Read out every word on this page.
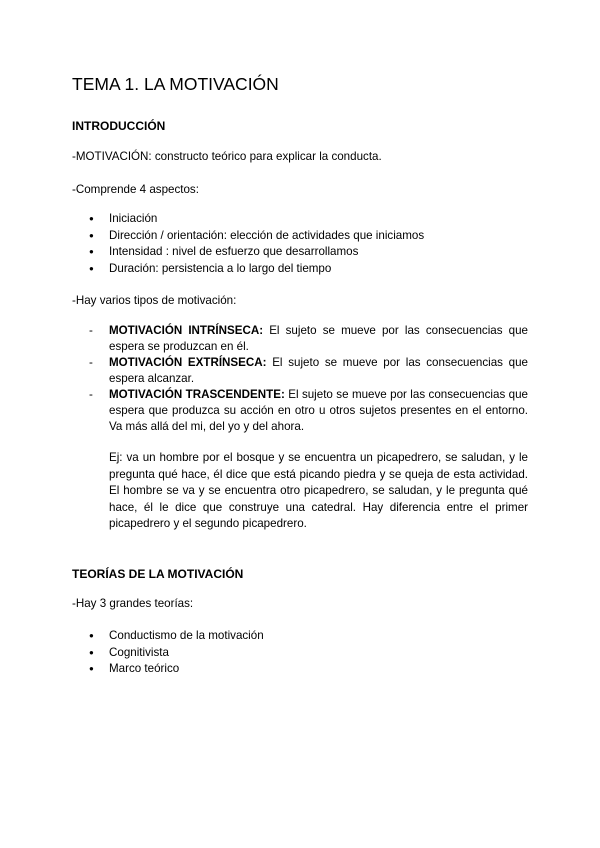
TEMA 1. LA MOTIVACIÓN
INTRODUCCIÓN

-MOTIVACIÓN: constructo teórico para explicar la conducta.

-Comprende 4 aspectos:

● Iniciación
● Dirección / orientación: elección de actividades que iniciamos
● Intensidad : nivel de esfuerzo que desarrollamos
● Duración: persistencia a lo largo del tiempo

-Hay varios tipos de motivación:

- MOTIVACIÓN INTRÍNSECA: El sujeto se mueve por las consecuencias que espera se produzcan en él.
- MOTIVACIÓN EXTRÍNSECA: El sujeto se mueve por las consecuencias que espera alcanzar.
- MOTIVACIÓN TRASCENDENTE: El sujeto se mueve por las consecuencias que espera que produzca su acción en otro u otros sujetos presentes en el entorno. Va más allá del mi, del yo y del ahora.

Ej: va un hombre por el bosque y se encuentra un picapedrero, se saludan, y le pregunta qué hace, él dice que está picando piedra y se queja de esta actividad. El hombre se va y se encuentra otro picapedrero, se saludan, y le pregunta qué hace, él le dice que construye una catedral. Hay diferencia entre el primer picapedrero y el segundo picapedrero.

TEORÍAS DE LA MOTIVACIÓN

-Hay 3 grandes teorías:

● Conductismo de la motivación
● Cognitivista
● Marco teórico
